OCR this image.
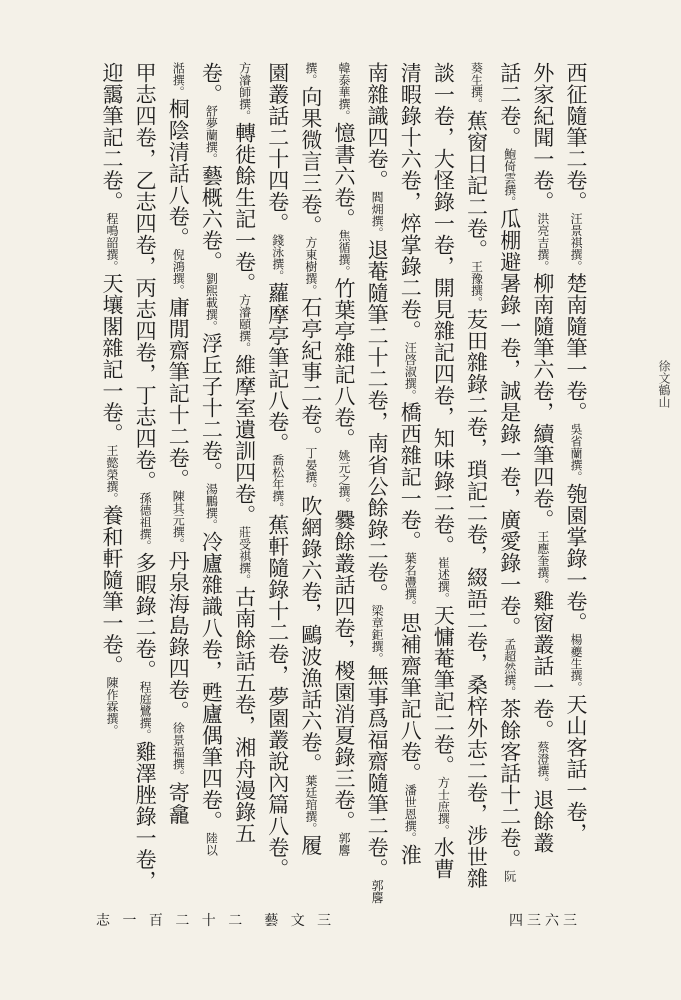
西征隨筆二卷。汪景祺撰。楚南隨筆一卷。吳省蘭撰。匏園掌錄一卷。楊夔生撰。天山客話一卷，
外家紀聞一卷。洪亮吉撰。柳南隨筆六卷，續筆四卷。王應奎撰。雞窗叢話一卷。蔡澄撰。退餘叢
話二卷。鮑倚雲撰。瓜棚避暑錄一卷，誠是錄一卷，廣愛錄一卷。孟超然撰。茶餘客話十二卷。阮
葵生撰。蕉窗日記二卷。王豫撰。苃田雜錄二卷，瑣記二卷，綴語二卷，桑梓外志二卷，涉世雜
談一卷，大怪錄一卷，開見雜記四卷，知味錄二卷。崔述撰。天慵菴筆記二卷。方士庶撰。水曹
清暇錄十六卷，焠掌錄二卷。汪啓淑撰。橋西雜記一卷。葉名灃撰。思補齋筆記八卷。潘世恩撰。淮
南雜識四卷。閻㶲撰。退菴隨筆二十二卷，南省公餘錄二卷。梁章鉅撰。無事爲福齋隨筆二卷。郭麐
韓泰華撰。憶書六卷。焦循撰。竹葉亭雜記八卷。姚元之撰。爨餘叢話四卷，椶園消夏錄三卷。郭麐
撰。向果微言三卷。方東樹撰。石亭紀事二卷。丁晏撰。吹網錄六卷，鷗波漁話六卷。葉廷琯撰。履
園叢話二十四卷。錢泳撰。蘿摩亭筆記八卷。喬松年撰。蕉軒隨錄十二卷，夢園叢說內篇八卷。
方濬師撰。轉徙餘生記一卷。方濬頤撰。維摩室遺訓四卷。莊受祺撰。古南餘話五卷，湘舟漫錄五
卷。舒夢蘭撰。藝概六卷。劉熙載撰。浮丘子十二卷。湯鵬撰。冷廬雜識八卷，甦廬偶筆四卷。陸以
湉撰。桐陰清話八卷。倪鴻撰。庸閒齋筆記十二卷。陳其元撰。丹泉海島錄四卷。徐景福撰。寄龕
甲志四卷，乙志四卷，丙志四卷，丁志四卷。孫德祖撰。多暇錄二卷。程庭鷺撰。雞澤脞錄一卷，
迎靄筆記二卷。程鳴韶撰。天壤閣雜記一卷。王懿榮撰。養和軒隨筆一卷。陳作霖撰。
志 一 百 二 十 二　藝 文 三	四三六三
徐文鶴山
